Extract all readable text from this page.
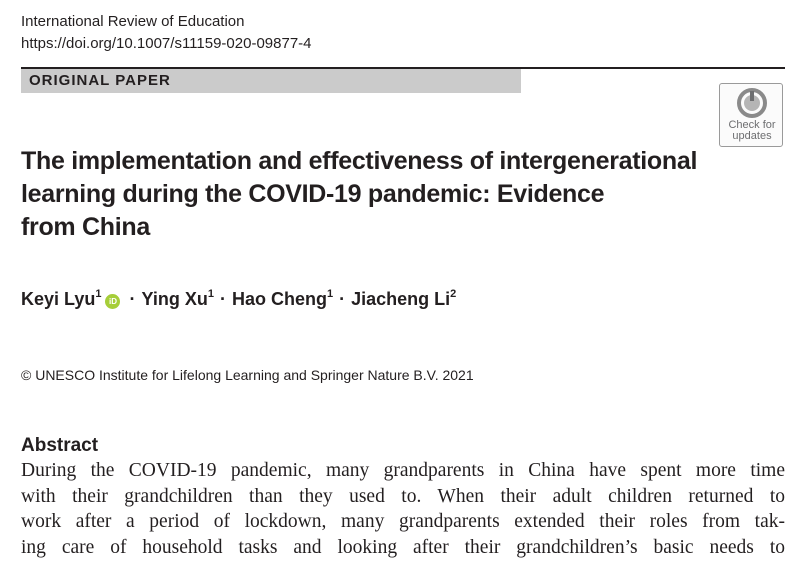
International Review of Education
https://doi.org/10.1007/s11159-020-09877-4
ORIGINAL PAPER
Check for
updates
The implementation and effectiveness of intergenerational
learning during the COVID-19 pandemic: Evidence
from China
Keyi Lyu$^1$iD · Ying $Xu^1$ · Hao Cheng$^1$ · Jiacheng Li$^2$
© UNESCO Institute for Lifelong Learning and Springer Nature B.V. 2021
Abstract
During the COVID-19 pandemic, many grandparents in China have spent more time
with their grandchildren than they used to. When their adult children returned to
work after a period of lockdown, many grandparents extended their roles from tak-
ing care of household tasks and looking after their grandchildren’s basic needs to
